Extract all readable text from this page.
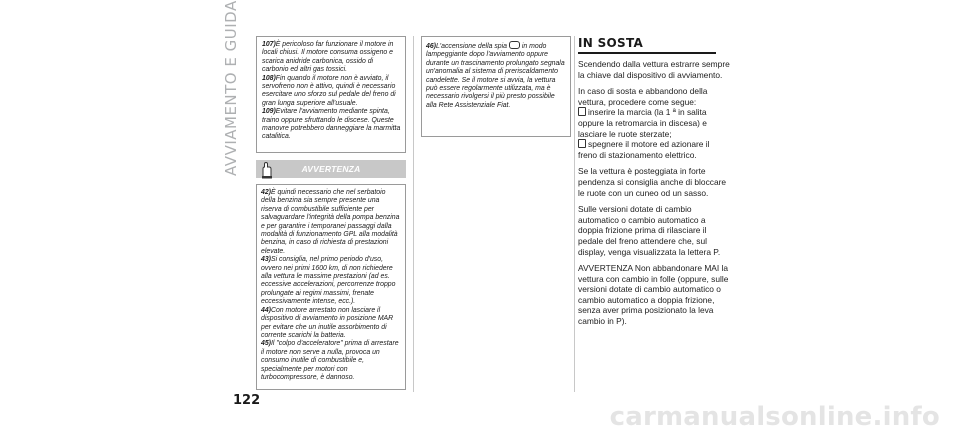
AVVIAMENTO E GUIDA	107)È pericoloso far funzionare il motore in locali chiusi. Il motore consuma ossigeno e scarica anidride carbonica, ossido di carbonio ed altri gas tossici.

108)Fin quando il motore non è avviato, il servofreno non è attivo, quindi è necessario esercitare uno sforzo sul pedale del freno di gran lunga superiore all'usuale.

109)Evitare l'avviamento mediante spinta, traino oppure sfruttando le discese. Queste manovre potrebbero danneggiare la marmitta catalitica.

AVVERTENZA

42)È quindi necessario che nel serbatoio della benzina sia sempre presente una riserva di combustibile sufficiente per salvaguardare l'integrità della pompa benzina e per garantire i temporanei passaggi dalla modalità di funzionamento GPL alla modalità benzina, in caso di richiesta di prestazioni elevate.

43)Si consiglia, nel primo periodo d'uso, ovvero nei primi 1600 km, di non richiedere alla vettura le massime prestazioni (ad es. eccessive accelerazioni, percorrenze troppo prolungate ai regimi massimi, frenate eccessivamente intense, ecc.).

44)Con motore arrestato non lasciare il dispositivo di avviamento in posizione MAR per evitare che un inutile assorbimento di corrente scarichi la batteria.

45)Il "colpo d'acceleratore" prima di arrestare il motore non serve a nulla, provoca un consumo inutile di combustibile e, specialmente per motori con turbocompressore, è dannoso.

46)L'accensione della spia in modo lampeggiante dopo l'avviamento oppure durante un trascinamento prolungato segnala un'anomalia al sistema di preriscaldamento candelette. Se il motore si avvia, la vettura può essere regolarmente utilizzata, ma è necessario rivolgersi il più presto possibile alla Rete Assistenziale Fiat.

IN SOSTA

Scendendo dalla vettura estrarre sempre la chiave dal dispositivo di avviamento.

In caso di sosta e abbandono della vettura, procedere come segue:
inserire la marcia (la 1 ª in salita oppure la retromarcia in discesa) e lasciare le ruote sterzate;
spegnere il motore ed azionare il freno di stazionamento elettrico.

Se la vettura è posteggiata in forte pendenza si consiglia anche di bloccare le ruote con un cuneo od un sasso.

Sulle versioni dotate di cambio automatico o cambio automatico a doppia frizione prima di rilasciare il pedale del freno attendere che, sul display, venga visualizzata la lettera P.

AVVERTENZA Non abbandonare MAI la vettura con cambio in folle (oppure, sulle versioni dotate di cambio automatico o cambio automatico a doppia frizione, senza aver prima posizionato la leva cambio in P).

122
carmanualsonline.info
